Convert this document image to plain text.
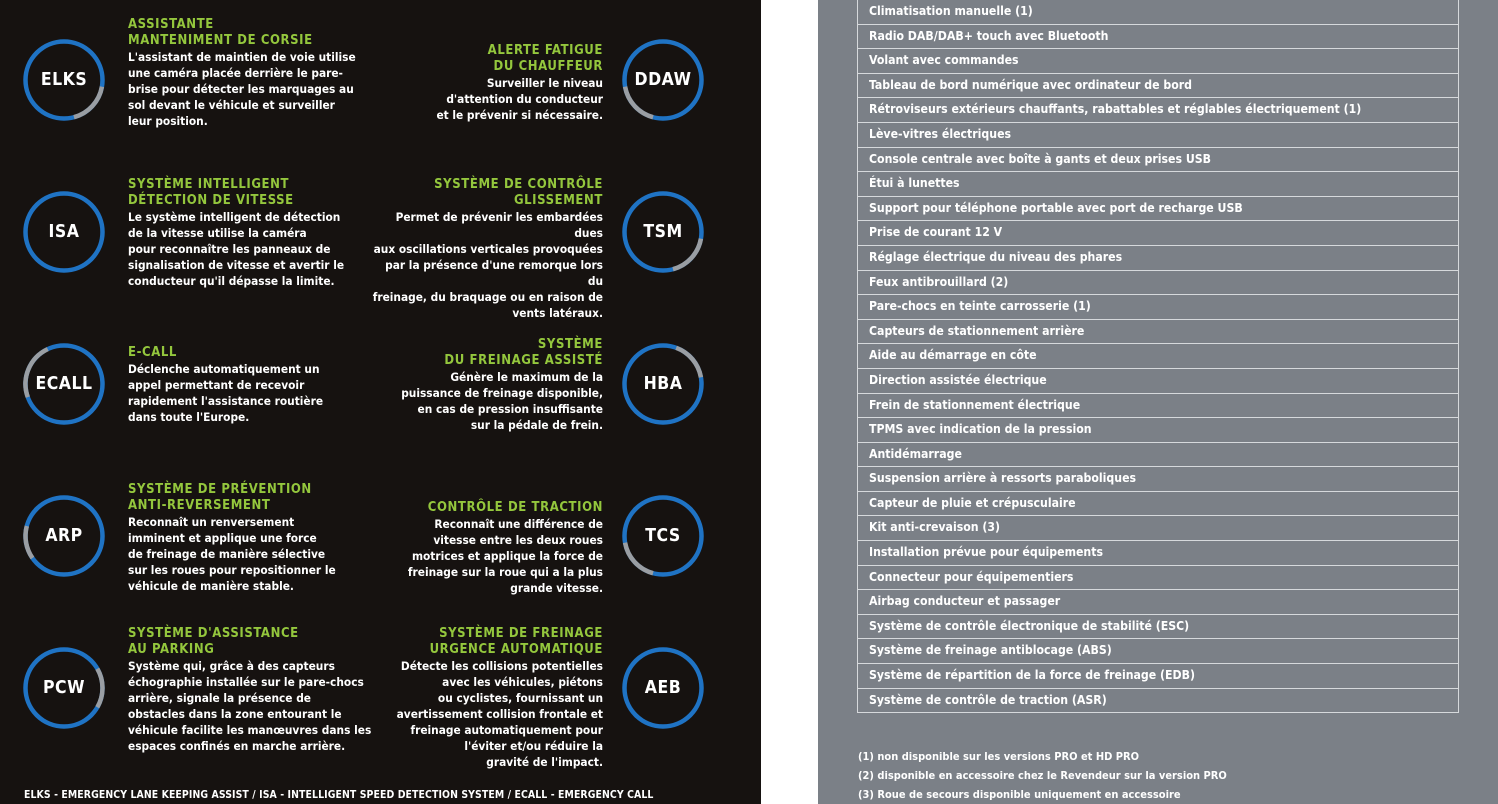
ELKS
ASSISTANTE
MANTENIMENT DE CORSIE
L'assistant de maintien de voie utilise
une caméra placée derrière le pare-
brise pour détecter les marquages au
sol devant le véhicule et surveiller
leur position.
DDAW
ALERTE FATIGUE
DU CHAUFFEUR
Surveiller le niveau
d'attention du conducteur
et le prévenir si nécessaire.
ISA
SYSTÈME INTELLIGENT
DÉTECTION DE VITESSE
Le système intelligent de détection
de la vitesse utilise la caméra
pour reconnaître les panneaux de
signalisation de vitesse et avertir le
conducteur qu'il dépasse la limite.
TSM
SYSTÈME DE CONTRÔLE
GLISSEMENT
Permet de prévenir les embardées dues
aux oscillations verticales provoquées
par la présence d'une remorque lors du
freinage, du braquage ou en raison de
vents latéraux.
ECALL
E-CALL
Déclenche automatiquement un
appel permettant de recevoir
rapidement l'assistance routière
dans toute l'Europe.
HBA
SYSTÈME
DU FREINAGE ASSISTÉ
Génère le maximum de la
puissance de freinage disponible,
en cas de pression insuffisante
sur la pédale de frein.
ARP
SYSTÈME DE PRÉVENTION
ANTI-REVERSEMENT
Reconnaît un renversement
imminent et applique une force
de freinage de manière sélective
sur les roues pour repositionner le
véhicule de manière stable.
TCS
CONTRÔLE DE TRACTION
Reconnaît une différence de
vitesse entre les deux roues
motrices et applique la force de
freinage sur la roue qui a la plus
grande vitesse.
PCW
SYSTÈME D'ASSISTANCE
AU PARKING
Système qui, grâce à des capteurs
échographie installée sur le pare-chocs
arrière, signale la présence de
obstacles dans la zone entourant le
véhicule facilite les manœuvres dans les
espaces confinés en marche arrière.
AEB
SYSTÈME DE FREINAGE
URGENCE AUTOMATIQUE
Détecte les collisions potentielles
avec les véhicules, piétons
ou cyclistes, fournissant un
avertissement collision frontale et
freinage automatiquement pour
l'éviter et/ou réduire la
gravité de l'impact.
ELKS - EMERGENCY LANE KEEPING ASSIST / ISA - INTELLIGENT SPEED DETECTION SYSTEM / ECALL - EMERGENCY CALL
Climatisation manuelle (1)
Radio DAB/DAB+ touch avec Bluetooth
Volant avec commandes
Tableau de bord numérique avec ordinateur de bord
Rétroviseurs extérieurs chauffants, rabattables et réglables électriquement (1)
Lève-vitres électriques
Console centrale avec boîte à gants et deux prises USB
Étui à lunettes
Support pour téléphone portable avec port de recharge USB
Prise de courant 12 V
Réglage électrique du niveau des phares
Feux antibrouillard (2)
Pare-chocs en teinte carrosserie (1)
Capteurs de stationnement arrière
Aide au démarrage en côte
Direction assistée électrique
Frein de stationnement électrique
TPMS avec indication de la pression
Antidémarrage
Suspension arrière à ressorts paraboliques
Capteur de pluie et crépusculaire
Kit anti-crevaison (3)
Installation prévue pour équipements
Connecteur pour équipementiers
Airbag conducteur et passager
Système de contrôle électronique de stabilité (ESC)
Système de freinage antiblocage (ABS)
Système de répartition de la force de freinage (EDB)
Système de contrôle de traction (ASR)
(1) non disponible sur les versions PRO et HD PRO
(2) disponible en accessoire chez le Revendeur sur la version PRO
(3) Roue de secours disponible uniquement en accessoire
